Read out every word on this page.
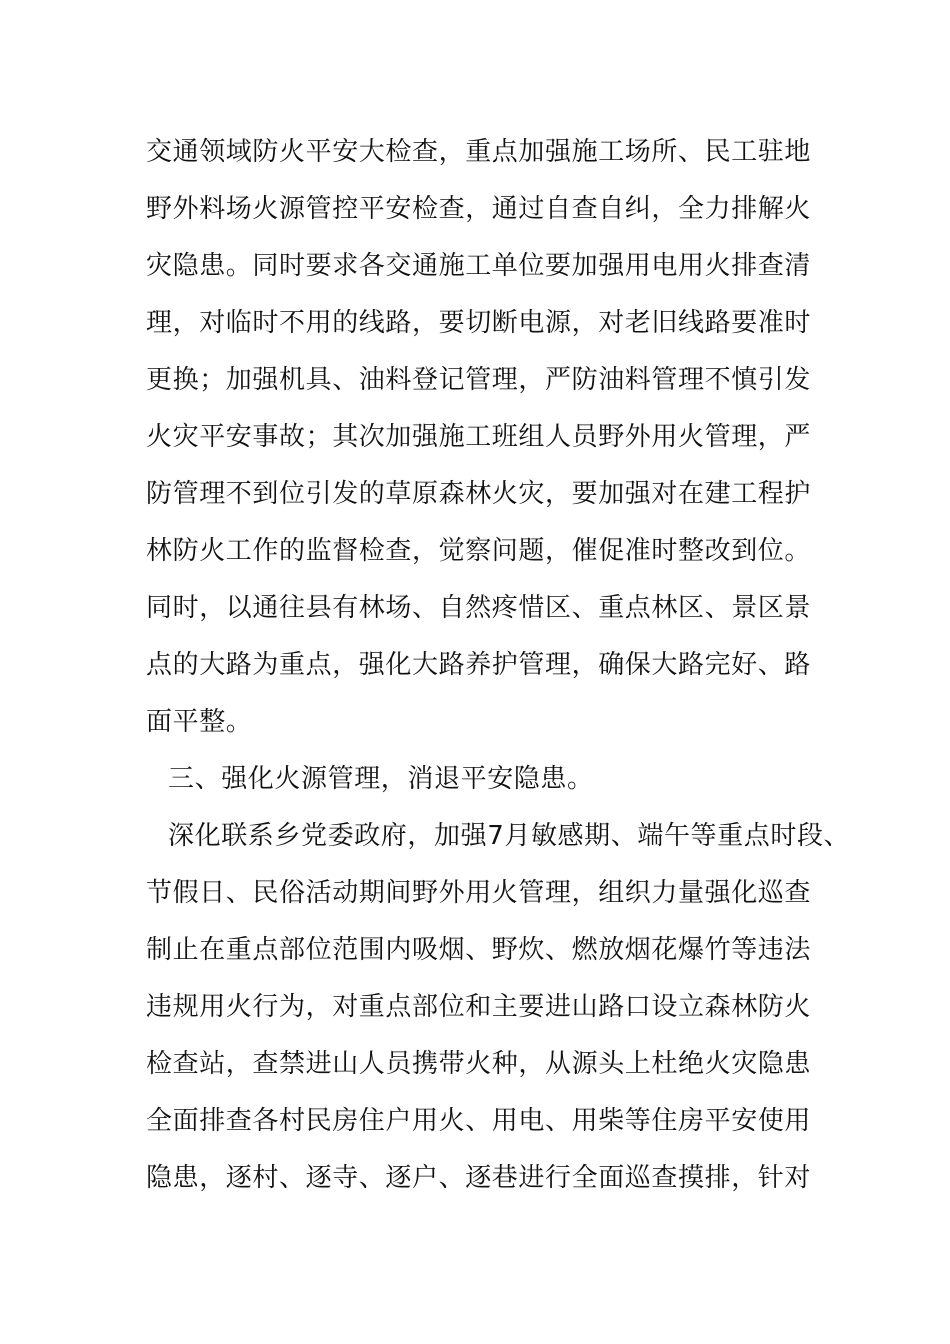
交通领域防火平安大检查，重点加强施工场所、民工驻地
野外料场火源管控平安检查，通过自查自纠，全力排解火
灾隐患。同时要求各交通施工单位要加强用电用火排查清
理，对临时不用的线路，要切断电源，对老旧线路要准时
更换；加强机具、油料登记管理，严防油料管理不慎引发
火灾平安事故；其次加强施工班组人员野外用火管理，严
防管理不到位引发的草原森林火灾，要加强对在建工程护
林防火工作的监督检查，觉察问题，催促准时整改到位。
同时，以通往县有林场、自然疼惜区、重点林区、景区景
点的大路为重点，强化大路养护管理，确保大路完好、路
面平整。
三、强化火源管理，消退平安隐患。
深化联系乡党委政府，加强7月敏感期、端午等重点时段、
节假日、民俗活动期间野外用火管理，组织力量强化巡查
制止在重点部位范围内吸烟、野炊、燃放烟花爆竹等违法
违规用火行为，对重点部位和主要进山路口设立森林防火
检查站，查禁进山人员携带火种，从源头上杜绝火灾隐患
全面排查各村民房住户用火、用电、用柴等住房平安使用
隐患，逐村、逐寺、逐户、逐巷进行全面巡查摸排，针对
